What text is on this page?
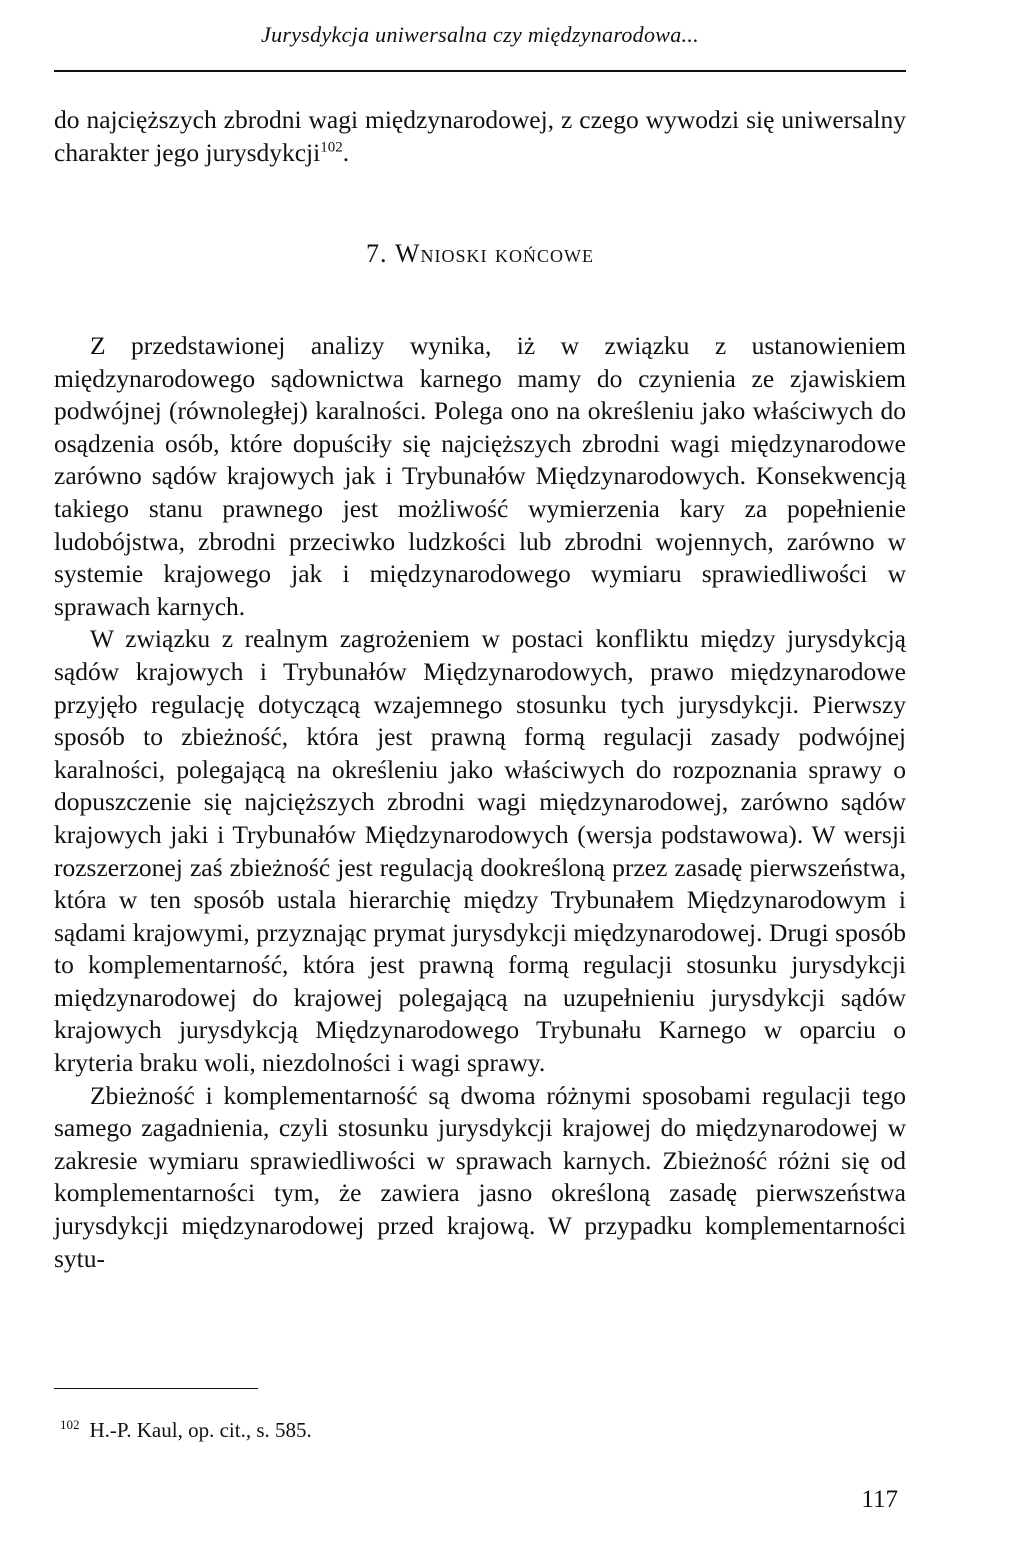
Jurysdykcja uniwersalna czy międzynarodowa...

do najcięższych zbrodni wagi międzynarodowej, z czego wywodzi się uniwersalny charakter jego jurysdykcji$^{102}$.

7. Wnioski końcowe

Z przedstawionej analizy wynika, iż w związku z ustanowieniem międzynarodowego sądownictwa karnego mamy do czynienia ze zjawiskiem podwójnej (równoległej) karalności. Polega ono na określeniu jako właściwych do osądzenia osób, które dopuściły się najcięższych zbrodni wagi międzynarodowe zarówno sądów krajowych jak i Trybunałów Międzynarodowych. Konsekwencją takiego stanu prawnego jest możliwość wymierzenia kary za popełnienie ludobójstwa, zbrodni przeciwko ludzkości lub zbrodni wojennych, zarówno w systemie krajowego jak i międzynarodowego wymiaru sprawiedliwości w sprawach karnych.

W związku z realnym zagrożeniem w postaci konfliktu między jurysdykcją sądów krajowych i Trybunałów Międzynarodowych, prawo międzynarodowe przyjęło regulację dotyczącą wzajemnego stosunku tych jurysdykcji. Pierwszy sposób to zbieżność, która jest prawną formą regulacji zasady podwójnej karalności, polegającą na określeniu jako właściwych do rozpoznania sprawy o dopuszczenie się najcięższych zbrodni wagi międzynarodowej, zarówno sądów krajowych jaki i Trybunałów Międzynarodowych (wersja podstawowa). W wersji rozszerzonej zaś zbieżność jest regulacją dookreśloną przez zasadę pierwszeństwa, która w ten sposób ustala hierarchię między Trybunałem Międzynarodowym i sądami krajowymi, przyznając prymat jurysdykcji międzynarodowej. Drugi sposób to komplementarność, która jest prawną formą regulacji stosunku jurysdykcji międzynarodowej do krajowej polegającą na uzupełnieniu jurysdykcji sądów krajowych jurysdykcją Międzynarodowego Trybunału Karnego w oparciu o kryteria braku woli, niezdolności i wagi sprawy.

Zbieżność i komplementarność są dwoma różnymi sposobami regulacji tego samego zagadnienia, czyli stosunku jurysdykcji krajowej do międzynarodowej w zakresie wymiaru sprawiedliwości w sprawach karnych. Zbieżność różni się od komplementarności tym, że zawiera jasno określoną zasadę pierwszeństwa jurysdykcji międzynarodowej przed krajową. W przypadku komplementarności sytu-

$^{102}$ H.-P. Kaul, op. cit., s. 585.

117
